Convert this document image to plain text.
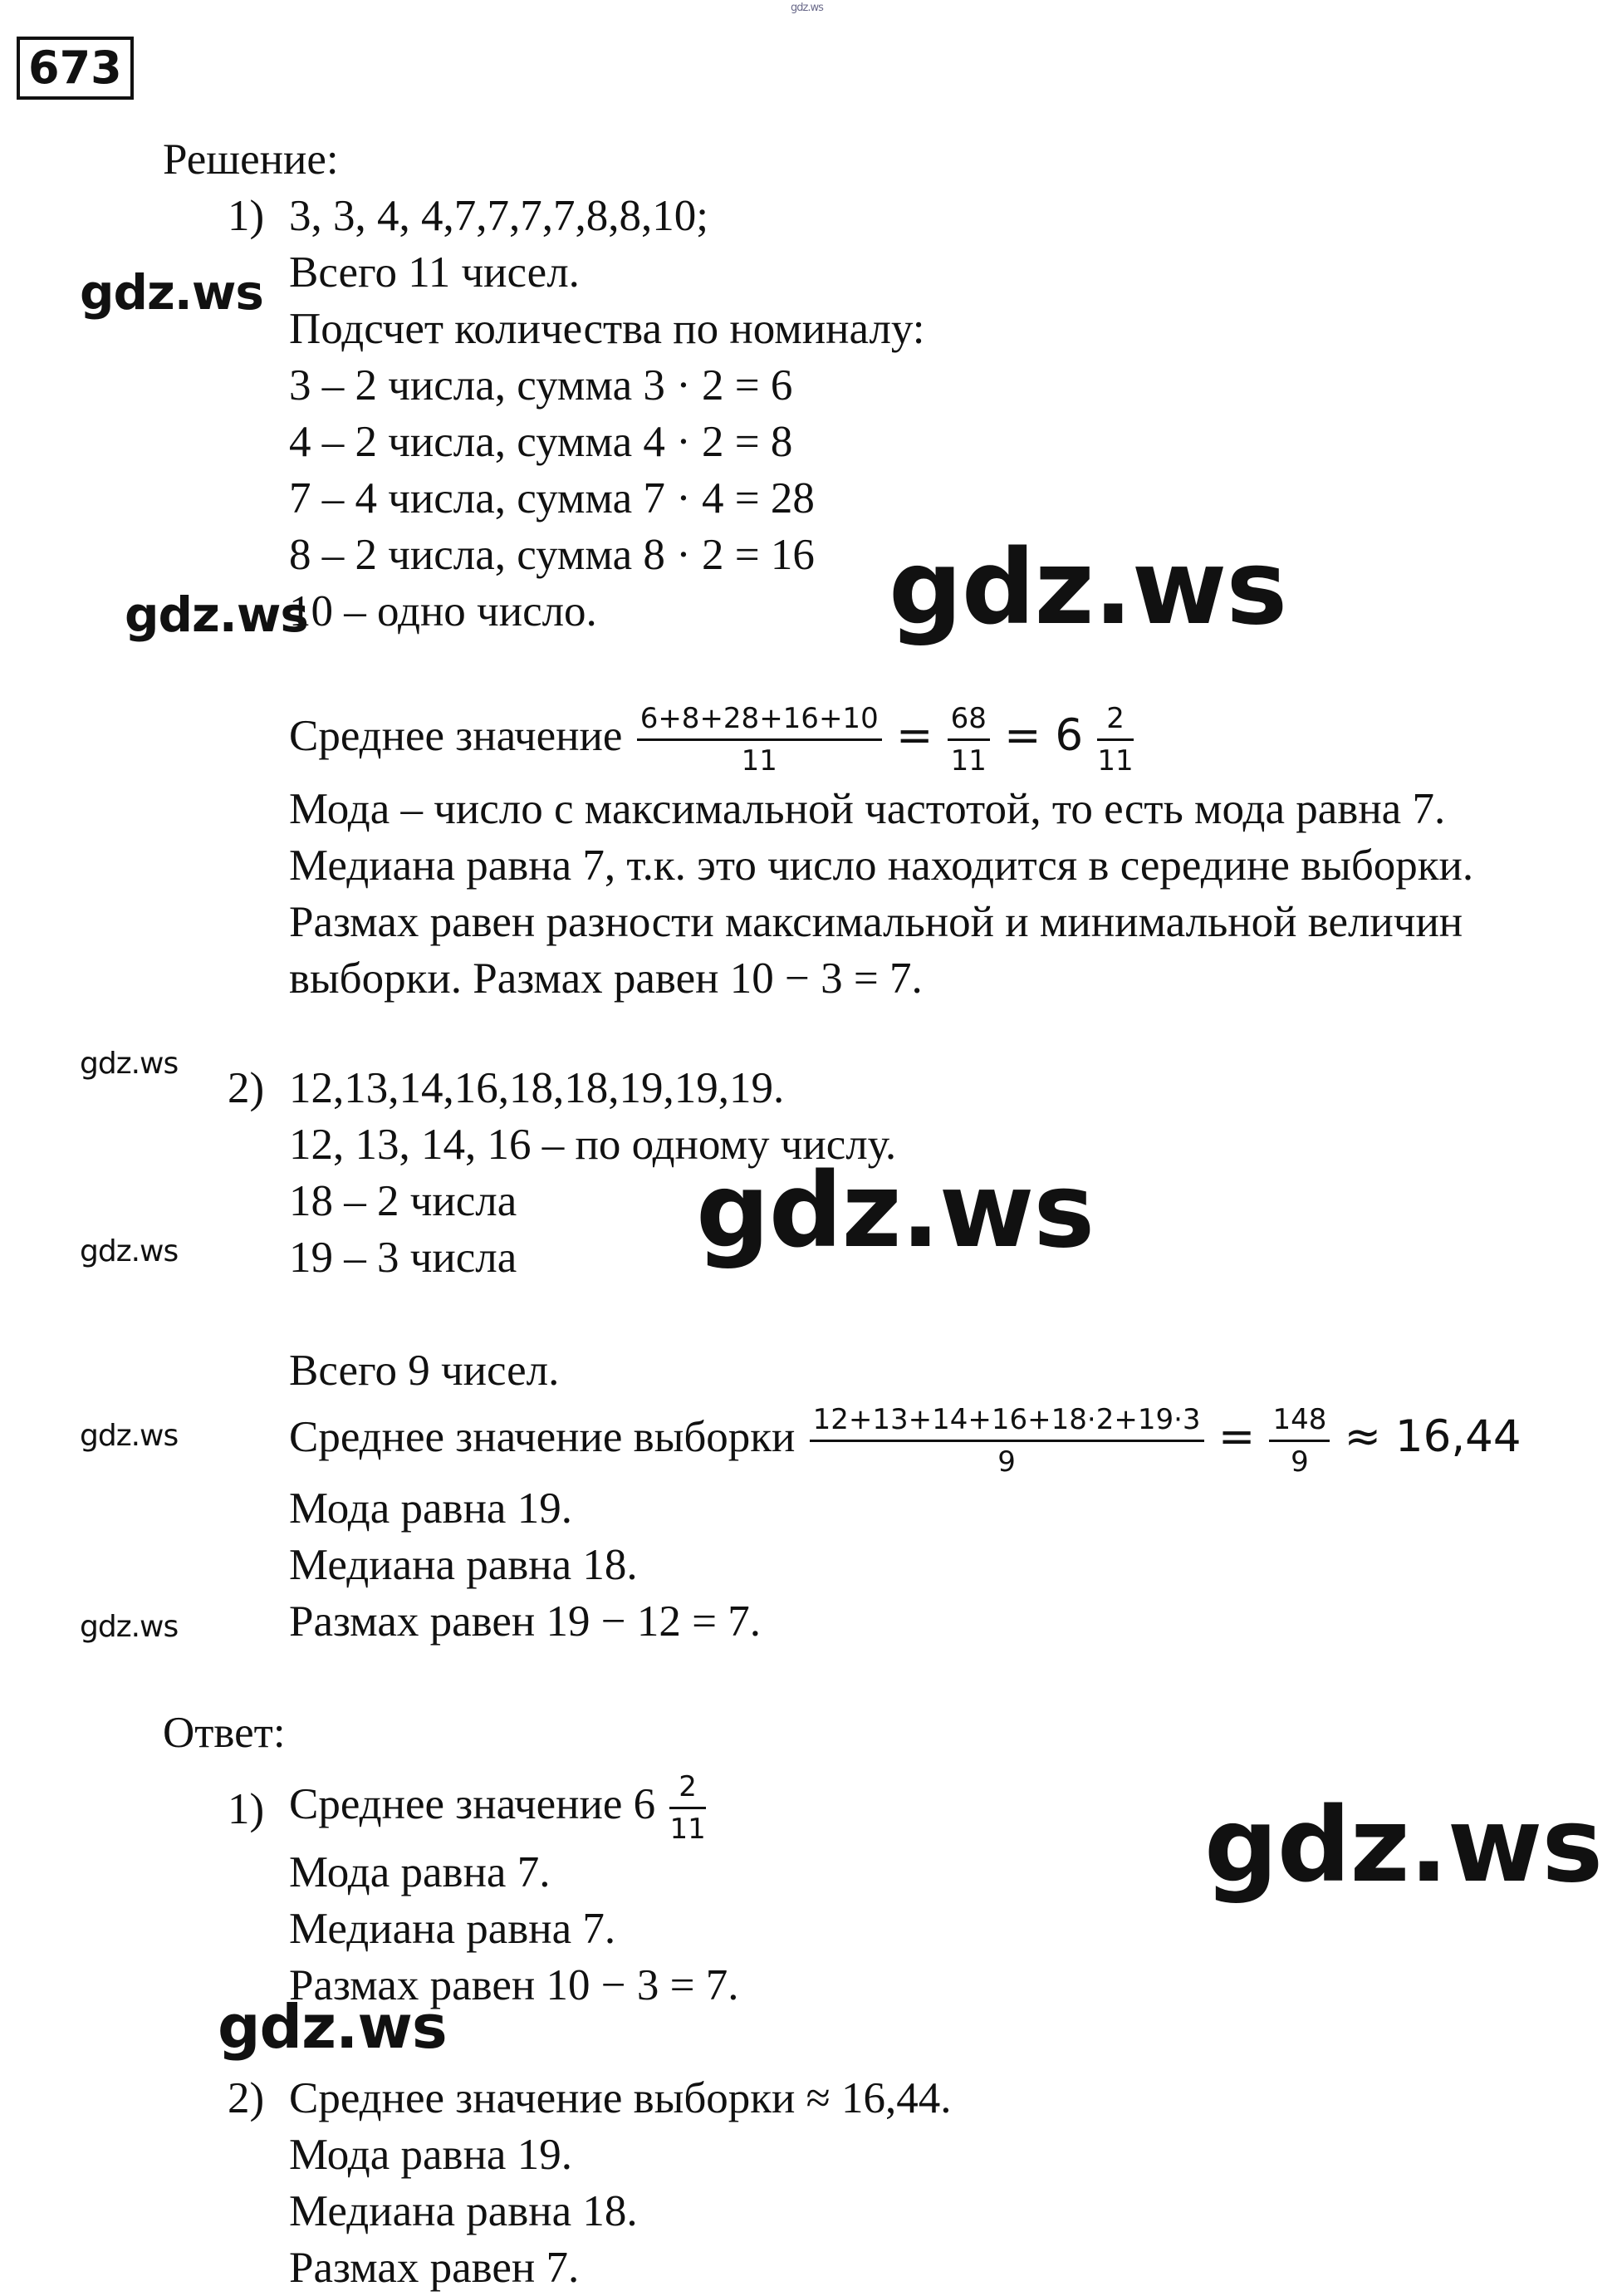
673
gdz.ws
Решение:
1) 3, 3, 4, 4,7,7,7,7,8,8,10;
Всего 11 чисел.
Подсчет количества по номиналу:
3 – 2 числа, сумма 3 · 2 = 6
4 – 2 числа, сумма 4 · 2 = 8
7 – 4 числа, сумма 7 · 4 = 28
8 – 2 числа, сумма 8 · 2 = 16
10 – одно число.
Среднее значение $\frac{6+8+28+16+10}{11} = \frac{68}{11} = 6 \frac{2}{11}$
Мода – число с максимальной частотой, то есть мода равна 7.
Медиана равна 7, т.к. это число находится в середине выборки.
Размах равен разности максимальной и минимальной величин
выборки. Размах равен 10 − 3 = 7.
2) 12,13,14,16,18,18,19,19,19.
12, 13, 14, 16 – по одному числу.
18 – 2 числа
19 – 3 числа
Всего 9 чисел.
Среднее значение выборки $\frac{12+13+14+16+18\cdot 2+19\cdot 3}{9} = \frac{148}{9} \approx 16,44$
Мода равна 19.
Медиана равна 18.
Размах равен 19 − 12 = 7.
Ответ:
1) Среднее значение $6 \frac{2}{11}$
Мода равна 7.
Медиана равна 7.
Размах равен 10 − 3 = 7.
2) Среднее значение выборки ≈ 16,44.
Мода равна 19.
Медиана равна 18.
Размах равен 7.
gdz.ws
gdz.ws
gdz.ws
gdz.ws
gdz.ws
gdz.ws
gdz.ws
gdz.ws
gdz.ws
gdz.ws
